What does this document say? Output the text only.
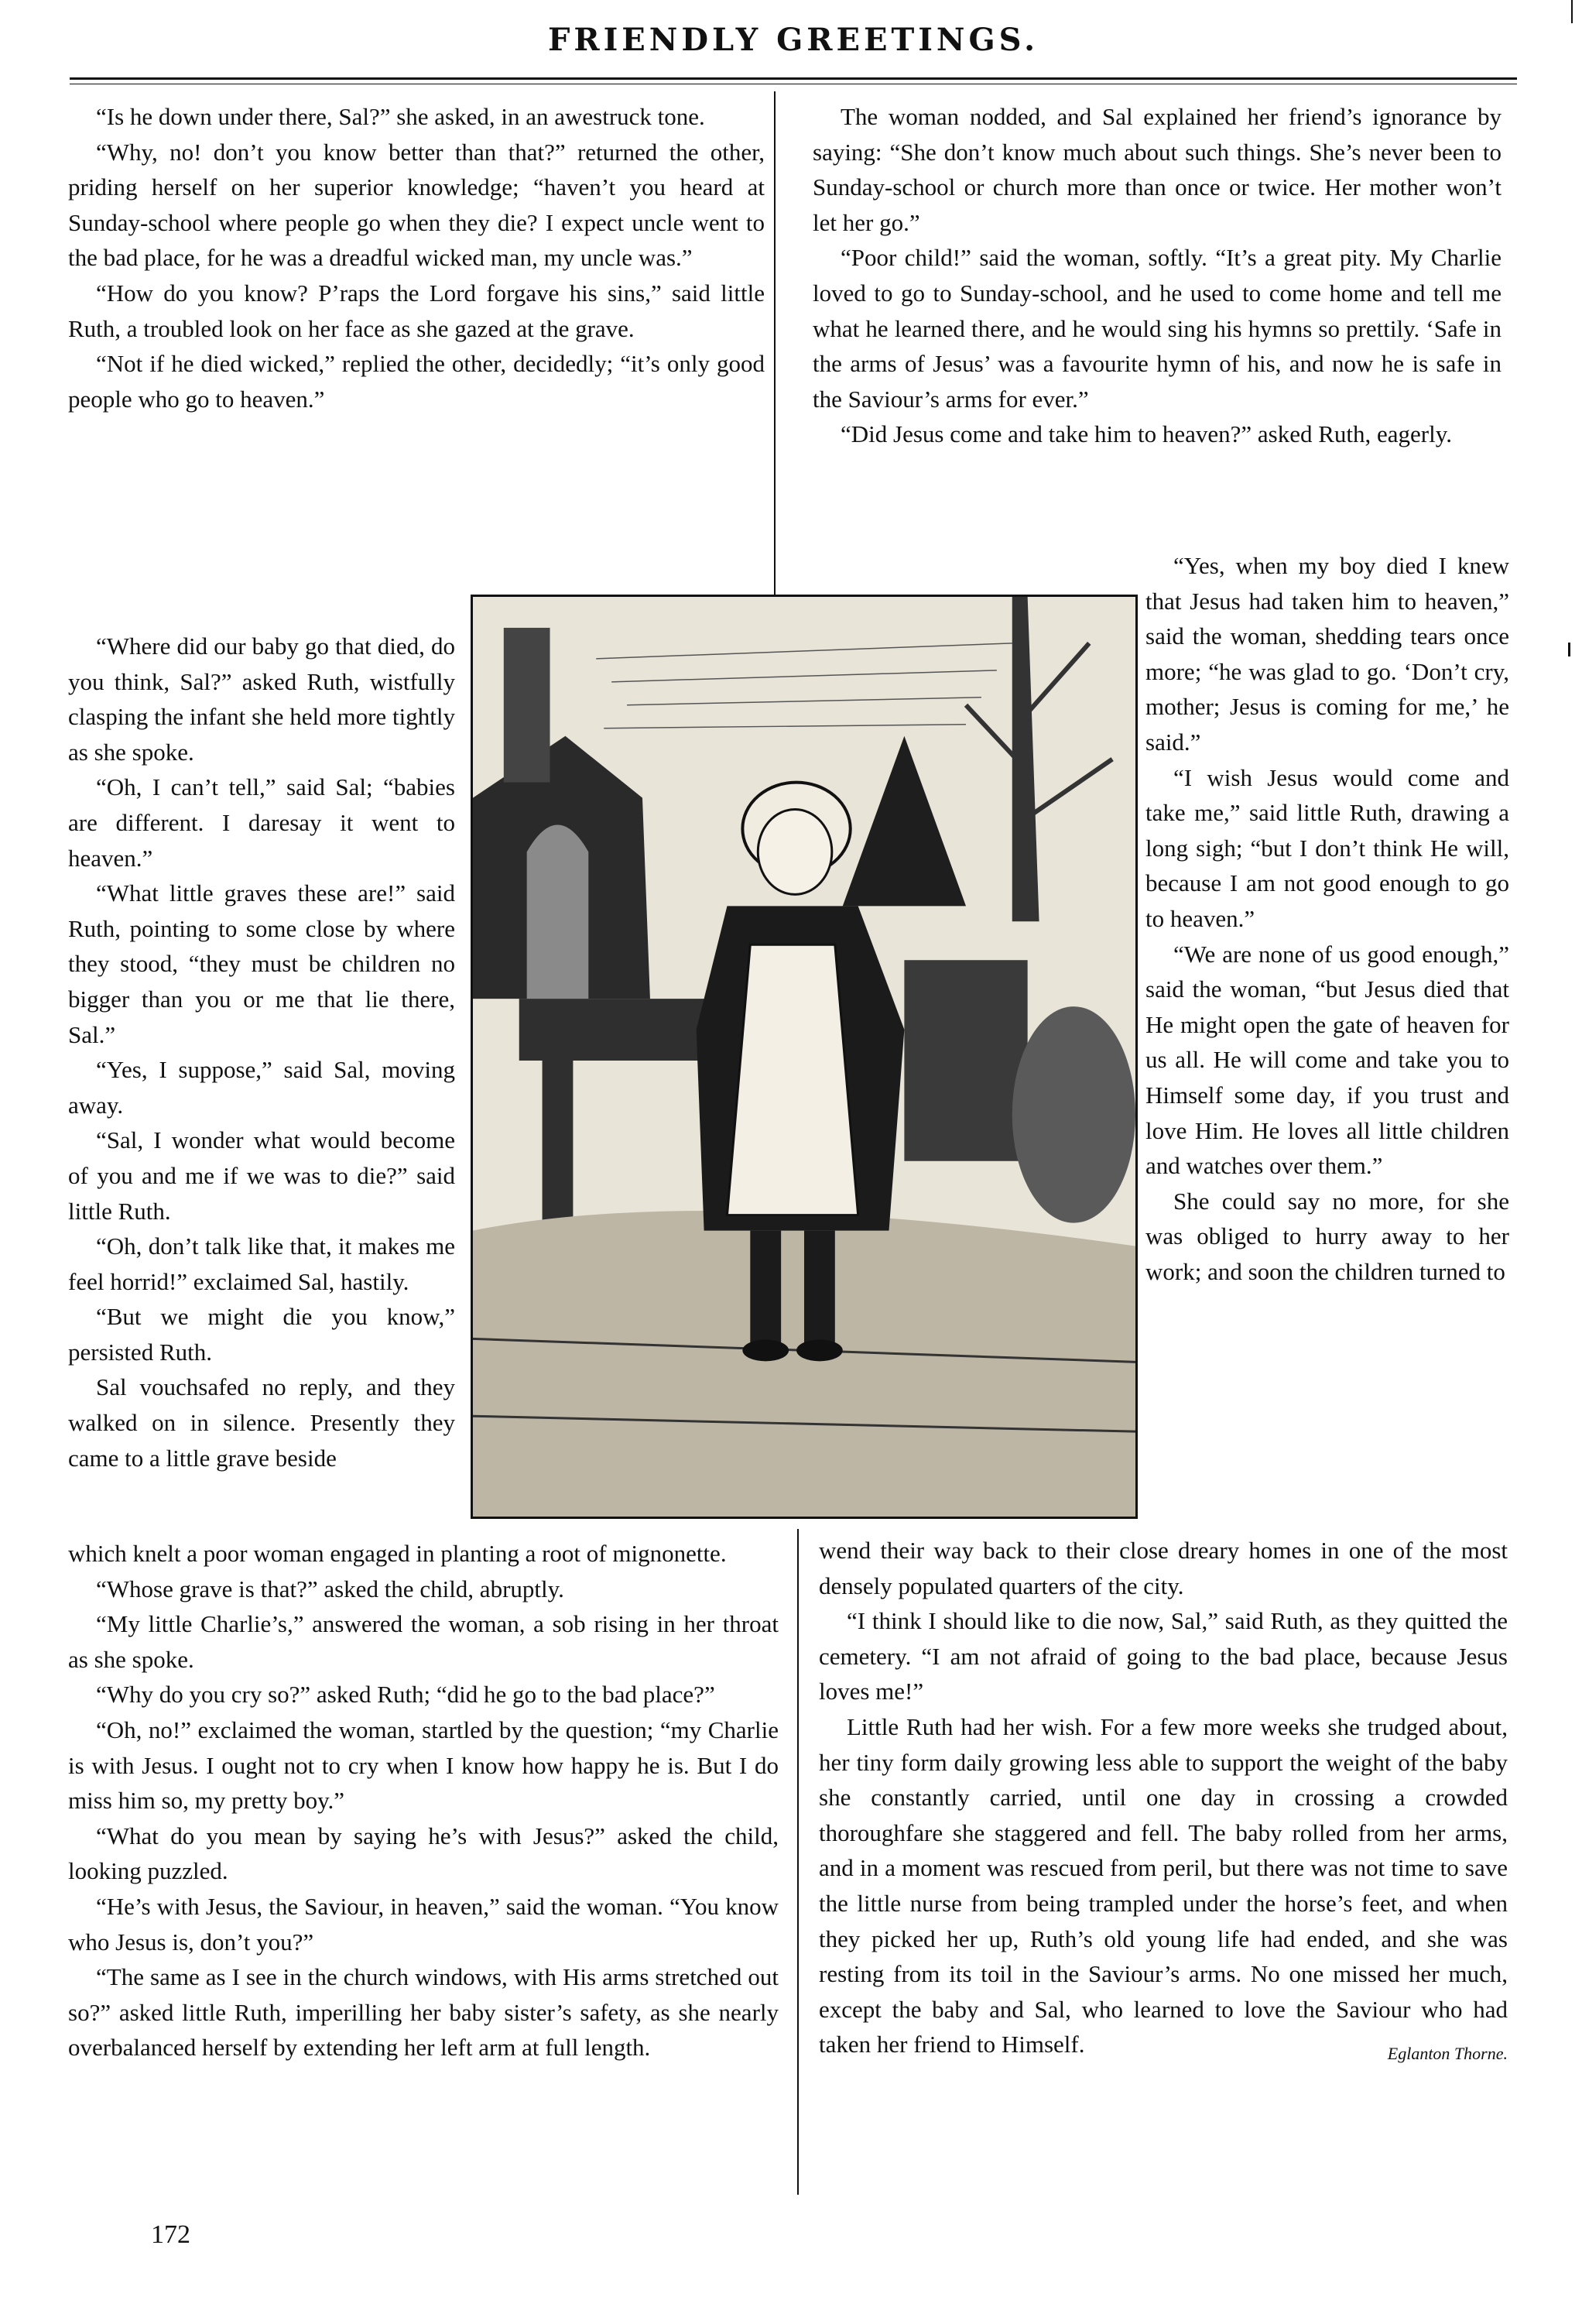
FRIENDLY GREETINGS.

“Is he down under there, Sal?” she asked, in an awestruck tone.

“Why, no! don’t you know better than that?” returned the other, priding herself on her superior knowledge; “haven’t you heard at Sunday-school where people go when they die? I expect uncle went to the bad place, for he was a dreadful wicked man, my uncle was.”

“How do you know? P’raps the Lord forgave his sins,” said little Ruth, a troubled look on her face as she gazed at the grave.

“Not if he died wicked,” replied the other, decidedly; “it’s only good people who go to heaven.”

“Where did our baby go that died, do you think, Sal?” asked Ruth, wistfully clasping the infant she held more tightly as she spoke.

“Oh, I can’t tell,” said Sal; “babies are different. I daresay it went to heaven.”

“What little graves these are!” said Ruth, pointing to some close by where they stood, “they must be children no bigger than you or me that lie there, Sal.”

“Yes, I suppose,” said Sal, moving away.

“Sal, I wonder what would become of you and me if we was to die?” said little Ruth.

“Oh, don’t talk like that, it makes me feel horrid!” exclaimed Sal, hastily.

“But we might die you know,” persisted Ruth.

Sal vouchsafed no reply, and they walked on in silence. Presently they came to a little grave beside

which knelt a poor woman engaged in planting a root of mignonette.

“Whose grave is that?” asked the child, abruptly.

“My little Charlie’s,” answered the woman, a sob rising in her throat as she spoke.

“Why do you cry so?” asked Ruth; “did he go to the bad place?”

“Oh, no!” exclaimed the woman, startled by the question; “my Charlie is with Jesus. I ought not to cry when I know how happy he is. But I do miss him so, my pretty boy.”

“What do you mean by saying he’s with Jesus?” asked the child, looking puzzled.

“He’s with Jesus, the Saviour, in heaven,” said the woman. “You know who Jesus is, don’t you?”

“The same as I see in the church windows, with His arms stretched out so?” asked little Ruth, imperilling her baby sister’s safety, as she nearly overbalanced herself by extending her left arm at full length.

The woman nodded, and Sal explained her friend’s ignorance by saying: “She don’t know much about such things. She’s never been to Sunday-school or church more than once or twice. Her mother won’t let her go.”

“Poor child!” said the woman, softly. “It’s a great pity. My Charlie loved to go to Sunday-school, and he used to come home and tell me what he learned there, and he would sing his hymns so prettily. ‘Safe in the arms of Jesus’ was a favourite hymn of his, and now he is safe in the Saviour’s arms for ever.”

“Did Jesus come and take him to heaven?” asked Ruth, eagerly.

“Yes, when my boy died I knew that Jesus had taken him to heaven,” said the woman, shedding tears once more; “he was glad to go. ‘Don’t cry, mother; Jesus is coming for me,’ he said.”

“I wish Jesus would come and take me,” said little Ruth, drawing a long sigh; “but I don’t think He will, because I am not good enough to go to heaven.”

“We are none of us good enough,” said the woman, “but Jesus died that He might open the gate of heaven for us all. He will come and take you to Himself some day, if you trust and love Him. He loves all little children and watches over them.”

She could say no more, for she was obliged to hurry away to her work; and soon the children turned to

wend their way back to their close dreary homes in one of the most densely populated quarters of the city.

“I think I should like to die now, Sal,” said Ruth, as they quitted the cemetery. “I am not afraid of going to the bad place, because Jesus loves me!”

Little Ruth had her wish. For a few more weeks she trudged about, her tiny form daily growing less able to support the weight of the baby she constantly carried, until one day in crossing a crowded thoroughfare she staggered and fell. The baby rolled from her arms, and in a moment was rescued from peril, but there was not time to save the little nurse from being trampled under the horse’s feet, and when they picked her up, Ruth’s old young life had ended, and she was resting from its toil in the Saviour’s arms. No one missed her much, except the baby and Sal, who learned to love the Saviour who had taken her friend to Himself.	Eglanton Thorne.

172
